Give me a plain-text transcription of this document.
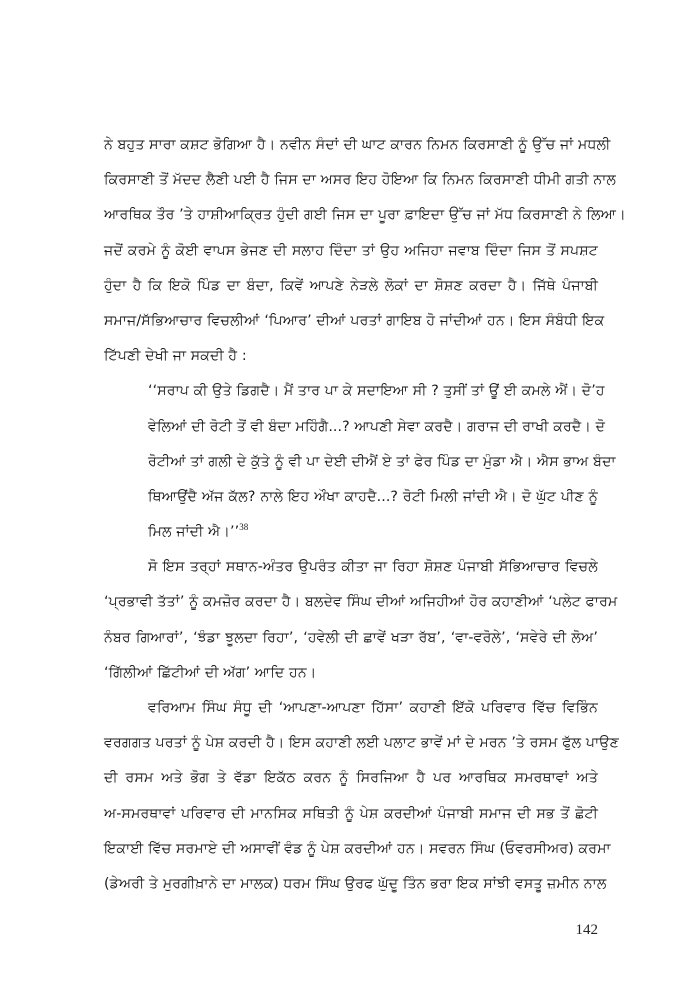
ਨੇ ਬਹੁਤ ਸਾਰਾ ਕਸ਼ਟ ਭੋਗਿਆ ਹੈ। ਨਵੀਨ ਸੰਦਾਂ ਦੀ ਘਾਟ ਕਾਰਨ ਨਿਮਨ ਕਿਰਸਾਣੀ ਨੂੰ ਉੱਚ ਜਾਂ ਮਧਲੀ
ਕਿਰਸਾਣੀ ਤੋਂ ਮੱਦਦ ਲੈਣੀ ਪਈ ਹੈ ਜਿਸ ਦਾ ਅਸਰ ਇਹ ਹੋਇਆ ਕਿ ਨਿਮਨ ਕਿਰਸਾਣੀ ਧੀਮੀ ਗਤੀ ਨਾਲ
ਆਰਥਿਕ ਤੌਰ ’ਤੇ ਹਾਸ਼ੀਆਕ੍ਰਿਤ ਹੁੰਦੀ ਗਈ ਜਿਸ ਦਾ ਪੂਰਾ ਫ਼ਾਇਦਾ ਉੱਚ ਜਾਂ ਮੱਧ ਕਿਰਸਾਣੀ ਨੇ ਲਿਆ।
ਜਦੋਂ ਕਰਮੇ ਨੂੰ ਕੋਈ ਵਾਪਸ ਭੇਜਣ ਦੀ ਸਲਾਹ ਦਿੰਦਾ ਤਾਂ ਉਹ ਅਜਿਹਾ ਜਵਾਬ ਦਿੰਦਾ ਜਿਸ ਤੋਂ ਸਪਸ਼ਟ
ਹੁੰਦਾ ਹੈ ਕਿ ਇਕੋ ਪਿੰਡ ਦਾ ਬੰਦਾ, ਕਿਵੇਂ ਆਪਣੇ ਨੇੜਲੇ ਲੋਕਾਂ ਦਾ ਸ਼ੋਸ਼ਣ ਕਰਦਾ ਹੈ। ਜਿੱਥੇ ਪੰਜਾਬੀ
ਸਮਾਜ/ਸੱਭਿਆਚਾਰ ਵਿਚਲੀਆਂ ‘ਪਿਆਰ’ ਦੀਆਂ ਪਰਤਾਂ ਗਾਇਬ ਹੋ ਜਾਂਦੀਆਂ ਹਨ। ਇਸ ਸੰਬੰਧੀ ਇਕ
ਟਿੱਪਣੀ ਦੇਖੀ ਜਾ ਸਕਦੀ ਹੈ :
‘‘ਸਰਾਪ ਕੀ ਉਤੇ ਡਿਗਦੈ। ਮੈਂ ਤਾਰ ਪਾ ਕੇ ਸਦਾਇਆ ਸੀ ? ਤੁਸੀਂ ਤਾਂ ਊਂ ਈ ਕਮਲੇ ਐਂ। ਦੋ’ਹ
ਵੇਲਿਆਂ ਦੀ ਰੋਟੀ ਤੋਂ ਵੀ ਬੰਦਾ ਮਹਿੰਗੈ...? ਆਪਣੀ ਸੇਵਾ ਕਰਦੈ। ਗਰਾਜ ਦੀ ਰਾਖੀ ਕਰਦੈ। ਦੋ
ਰੋਟੀਆਂ ਤਾਂ ਗਲੀ ਦੇ ਕੁੱਤੇ ਨੂੰ ਵੀ ਪਾ ਦੇਈ ਦੀਐਂ ਏ ਤਾਂ ਫੇਰ ਪਿੰਡ ਦਾ ਮੁੰਡਾ ਐ। ਐਸ ਭਾਅ ਬੰਦਾ
ਥਿਆਉਂਦੈ ਅੱਜ ਕੱਲ? ਨਾਲੇ ਇਹ ਔਖਾ ਕਾਹਦੈ...? ਰੋਟੀ ਮਿਲੀ ਜਾਂਦੀ ਐ। ਦੋ ਘੁੱਟ ਪੀਣ ਨੂੰ
ਮਿਲ ਜਾਂਦੀ ਐ।’’$^{38}$
ਸੋ ਇਸ ਤਰ੍ਹਾਂ ਸਥਾਨ-ਅੰਤਰ ਉਪਰੰਤ ਕੀਤਾ ਜਾ ਰਿਹਾ ਸ਼ੋਸ਼ਣ ਪੰਜਾਬੀ ਸੱਭਿਆਚਾਰ ਵਿਚਲੇ
‘ਪ੍ਰਭਾਵੀ ਤੱਤਾਂ’ ਨੂੰ ਕਮਜ਼ੋਰ ਕਰਦਾ ਹੈ। ਬਲਦੇਵ ਸਿੰਘ ਦੀਆਂ ਅਜਿਹੀਆਂ ਹੋਰ ਕਹਾਣੀਆਂ ‘ਪਲੇਟ ਫਾਰਮ
ਨੰਬਰ ਗਿਆਰਾਂ’, ‘ਝੰਡਾ ਝੂਲਦਾ ਰਿਹਾ’, ‘ਹਵੇਲੀ ਦੀ ਛਾਵੇਂ ਖੜਾ ਰੱਬ’, ‘ਵਾ-ਵਰੋਲੇ’, ‘ਸਵੇਰੇ ਦੀ ਲੋਅ’
‘ਗਿੱਲੀਆਂ ਛਿੱਟੀਆਂ ਦੀ ਅੱਗ’ ਆਦਿ ਹਨ।
ਵਰਿਆਮ ਸਿੰਘ ਸੰਧੂ ਦੀ ‘ਆਪਣਾ-ਆਪਣਾ ਹਿੱਸਾ’ ਕਹਾਣੀ ਇੱਕੋ ਪਰਿਵਾਰ ਵਿੱਚ ਵਿਭਿੰਨ
ਵਰਗਗਤ ਪਰਤਾਂ ਨੂੰ ਪੇਸ਼ ਕਰਦੀ ਹੈ। ਇਸ ਕਹਾਣੀ ਲਈ ਪਲਾਟ ਭਾਵੇਂ ਮਾਂ ਦੇ ਮਰਨ ’ਤੇ ਰਸਮ ਫੁੱਲ ਪਾਉਣ
ਦੀ ਰਸਮ ਅਤੇ ਭੋਗ ਤੇ ਵੱਡਾ ਇਕੱਠ ਕਰਨ ਨੂੰ ਸਿਰਜਿਆ ਹੈ ਪਰ ਆਰਥਿਕ ਸਮਰਥਾਵਾਂ ਅਤੇ
ਅ-ਸਮਰਥਾਵਾਂ ਪਰਿਵਾਰ ਦੀ ਮਾਨਸਿਕ ਸਥਿਤੀ ਨੂੰ ਪੇਸ਼ ਕਰਦੀਆਂ ਪੰਜਾਬੀ ਸਮਾਜ ਦੀ ਸਭ ਤੋਂ ਛੋਟੀ
ਇਕਾਈ ਵਿੱਚ ਸਰਮਾਏ ਦੀ ਅਸਾਵੀਂ ਵੰਡ ਨੂੰ ਪੇਸ਼ ਕਰਦੀਆਂ ਹਨ। ਸਵਰਨ ਸਿੰਘ (ਓਵਰਸੀਅਰ) ਕਰਮਾ
(ਡੇਅਰੀ ਤੇ ਮੁਰਗੀਖ਼ਾਨੇ ਦਾ ਮਾਲਕ) ਧਰਮ ਸਿੰਘ ਉਰਫ ਘੁੱਦੂ ਤਿੰਨ ਭਰਾ ਇਕ ਸਾਂਝੀ ਵਸਤੂ ਜ਼ਮੀਨ ਨਾਲ
142
